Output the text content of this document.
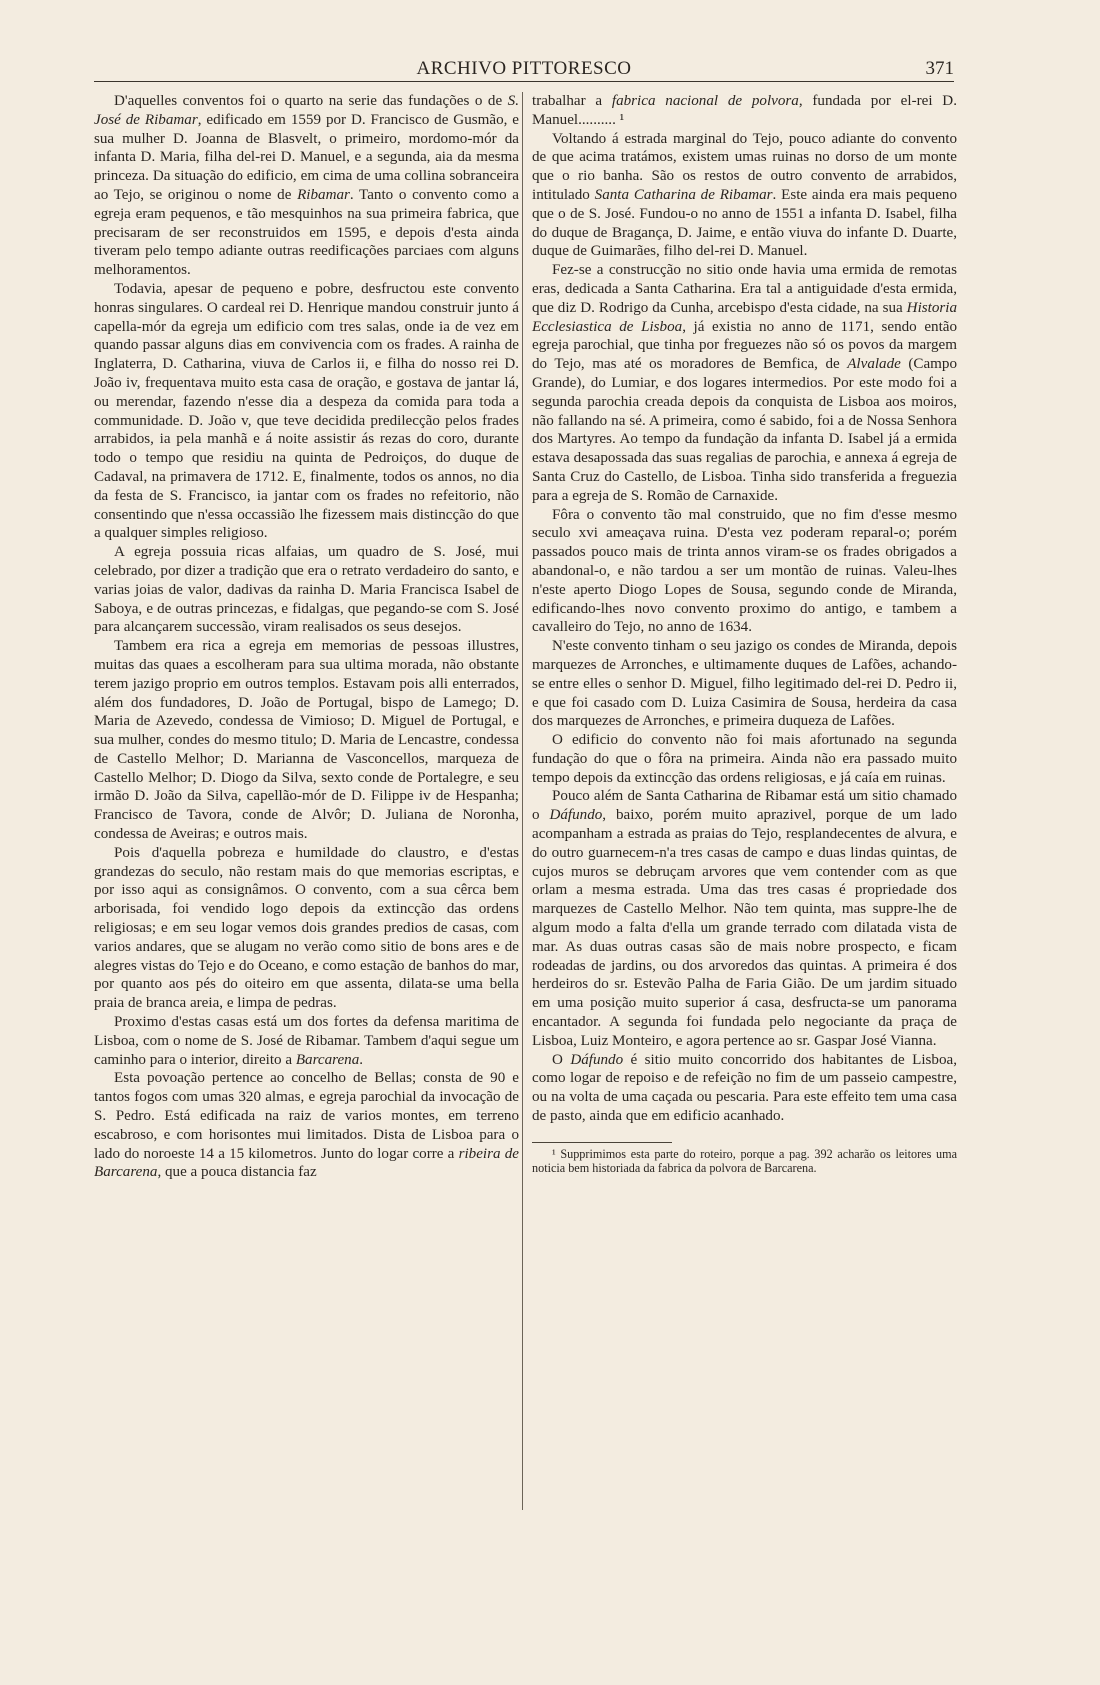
ARCHIVO PITTORESCO	371

D'aquelles conventos foi o quarto na serie das fundações o de S. José de Ribamar, edificado em 1559 por D. Francisco de Gusmão, e sua mulher D. Joanna de Blasvelt, o primeiro, mordomo-mór da infanta D. Maria, filha del-rei D. Manuel, e a segunda, aia da mesma princeza. Da situação do edificio, em cima de uma collina sobranceira ao Tejo, se originou o nome de Ribamar. Tanto o convento como a egreja eram pequenos, e tão mesquinhos na sua primeira fabrica, que precisaram de ser reconstruidos em 1595, e depois d'esta ainda tiveram pelo tempo adiante outras reedificações parciaes com alguns melhoramentos.

Todavia, apesar de pequeno e pobre, desfructou este convento honras singulares. O cardeal rei D. Henrique mandou construir junto á capella-mór da egreja um edificio com tres salas, onde ia de vez em quando passar alguns dias em convivencia com os frades. A rainha de Inglaterra, D. Catharina, viuva de Carlos ii, e filha do nosso rei D. João iv, frequentava muito esta casa de oração, e gostava de jantar lá, ou merendar, fazendo n'esse dia a despeza da comida para toda a communidade. D. João v, que teve decidida predilecção pelos frades arrabidos, ia pela manhã e á noite assistir ás rezas do coro, durante todo o tempo que residiu na quinta de Pedroiços, do duque de Cadaval, na primavera de 1712. E, finalmente, todos os annos, no dia da festa de S. Francisco, ia jantar com os frades no refeitorio, não consentindo que n'essa occassião lhe fizessem mais distincção do que a qualquer simples religioso.

A egreja possuia ricas alfaias, um quadro de S. José, mui celebrado, por dizer a tradição que era o retrato verdadeiro do santo, e varias joias de valor, dadivas da rainha D. Maria Francisca Isabel de Saboya, e de outras princezas, e fidalgas, que pegando-se com S. José para alcançarem successão, viram realisados os seus desejos.

Tambem era rica a egreja em memorias de pessoas illustres, muitas das quaes a escolheram para sua ultima morada, não obstante terem jazigo proprio em outros templos. Estavam pois alli enterrados, além dos fundadores, D. João de Portugal, bispo de Lamego; D. Maria de Azevedo, condessa de Vimioso; D. Miguel de Portugal, e sua mulher, condes do mesmo titulo; D. Maria de Lencastre, condessa de Castello Melhor; D. Marianna de Vasconcellos, marqueza de Castello Melhor; D. Diogo da Silva, sexto conde de Portalegre, e seu irmão D. João da Silva, capellão-mór de D. Filippe iv de Hespanha; Francisco de Tavora, conde de Alvôr; D. Juliana de Noronha, condessa de Aveiras; e outros mais.

Pois d'aquella pobreza e humildade do claustro, e d'estas grandezas do seculo, não restam mais do que memorias escriptas, e por isso aqui as consignâmos. O convento, com a sua cêrca bem arborisada, foi vendido logo depois da extincção das ordens religiosas; e em seu logar vemos dois grandes predios de casas, com varios andares, que se alugam no verão como sitio de bons ares e de alegres vistas do Tejo e do Oceano, e como estação de banhos do mar, por quanto aos pés do oiteiro em que assenta, dilata-se uma bella praia de branca areia, e limpa de pedras.

Proximo d'estas casas está um dos fortes da defensa maritima de Lisboa, com o nome de S. José de Ribamar. Tambem d'aqui segue um caminho para o interior, direito a Barcarena.

Esta povoação pertence ao concelho de Bellas; consta de 90 e tantos fogos com umas 320 almas, e egreja parochial da invocação de S. Pedro. Está edificada na raiz de varios montes, em terreno escabroso, e com horisontes mui limitados. Dista de Lisboa para o lado do noroeste 14 a 15 kilometros. Junto do logar corre a ribeira de Barcarena, que a pouca distancia faz

trabalhar a fabrica nacional de polvora, fundada por el-rei D. Manuel.......... ¹

Voltando á estrada marginal do Tejo, pouco adiante do convento de que acima tratámos, existem umas ruinas no dorso de um monte que o rio banha. São os restos de outro convento de arrabidos, intitulado Santa Catharina de Ribamar. Este ainda era mais pequeno que o de S. José. Fundou-o no anno de 1551 a infanta D. Isabel, filha do duque de Bragança, D. Jaime, e então viuva do infante D. Duarte, duque de Guimarães, filho del-rei D. Manuel.

Fez-se a construcção no sitio onde havia uma ermida de remotas eras, dedicada a Santa Catharina. Era tal a antiguidade d'esta ermida, que diz D. Rodrigo da Cunha, arcebispo d'esta cidade, na sua Historia Ecclesiastica de Lisboa, já existia no anno de 1171, sendo então egreja parochial, que tinha por freguezes não só os povos da margem do Tejo, mas até os moradores de Bemfica, de Alvalade (Campo Grande), do Lumiar, e dos logares intermedios. Por este modo foi a segunda parochia creada depois da conquista de Lisboa aos moiros, não fallando na sé. A primeira, como é sabido, foi a de Nossa Senhora dos Martyres. Ao tempo da fundação da infanta D. Isabel já a ermida estava desapossada das suas regalias de parochia, e annexa á egreja de Santa Cruz do Castello, de Lisboa. Tinha sido transferida a freguezia para a egreja de S. Romão de Carnaxide.

Fôra o convento tão mal construido, que no fim d'esse mesmo seculo xvi ameaçava ruina. D'esta vez poderam reparal-o; porém passados pouco mais de trinta annos viram-se os frades obrigados a abandonal-o, e não tardou a ser um montão de ruinas. Valeu-lhes n'este aperto Diogo Lopes de Sousa, segundo conde de Miranda, edificando-lhes novo convento proximo do antigo, e tambem a cavalleiro do Tejo, no anno de 1634.

N'este convento tinham o seu jazigo os condes de Miranda, depois marquezes de Arronches, e ultimamente duques de Lafões, achando-se entre elles o senhor D. Miguel, filho legitimado del-rei D. Pedro ii, e que foi casado com D. Luiza Casimira de Sousa, herdeira da casa dos marquezes de Arronches, e primeira duqueza de Lafões.

O edificio do convento não foi mais afortunado na segunda fundação do que o fôra na primeira. Ainda não era passado muito tempo depois da extincção das ordens religiosas, e já caía em ruinas.

Pouco além de Santa Catharina de Ribamar está um sitio chamado o Dáfundo, baixo, porém muito aprazivel, porque de um lado acompanham a estrada as praias do Tejo, resplandecentes de alvura, e do outro guarnecem-n'a tres casas de campo e duas lindas quintas, de cujos muros se debruçam arvores que vem contender com as que orlam a mesma estrada. Uma das tres casas é propriedade dos marquezes de Castello Melhor. Não tem quinta, mas suppre-lhe de algum modo a falta d'ella um grande terrado com dilatada vista de mar. As duas outras casas são de mais nobre prospecto, e ficam rodeadas de jardins, ou dos arvoredos das quintas. A primeira é dos herdeiros do sr. Estevão Palha de Faria Gião. De um jardim situado em uma posição muito superior á casa, desfructa-se um panorama encantador. A segunda foi fundada pelo negociante da praça de Lisboa, Luiz Monteiro, e agora pertence ao sr. Gaspar José Vianna.

O Dáfundo é sitio muito concorrido dos habitantes de Lisboa, como logar de repoiso e de refeição no fim de um passeio campestre, ou na volta de uma caçada ou pescaria. Para este effeito tem uma casa de pasto, ainda que em edificio acanhado.

¹ Supprimimos esta parte do roteiro, porque a pag. 392 acharão os leitores uma noticia bem historiada da fabrica da polvora de Barcarena.
